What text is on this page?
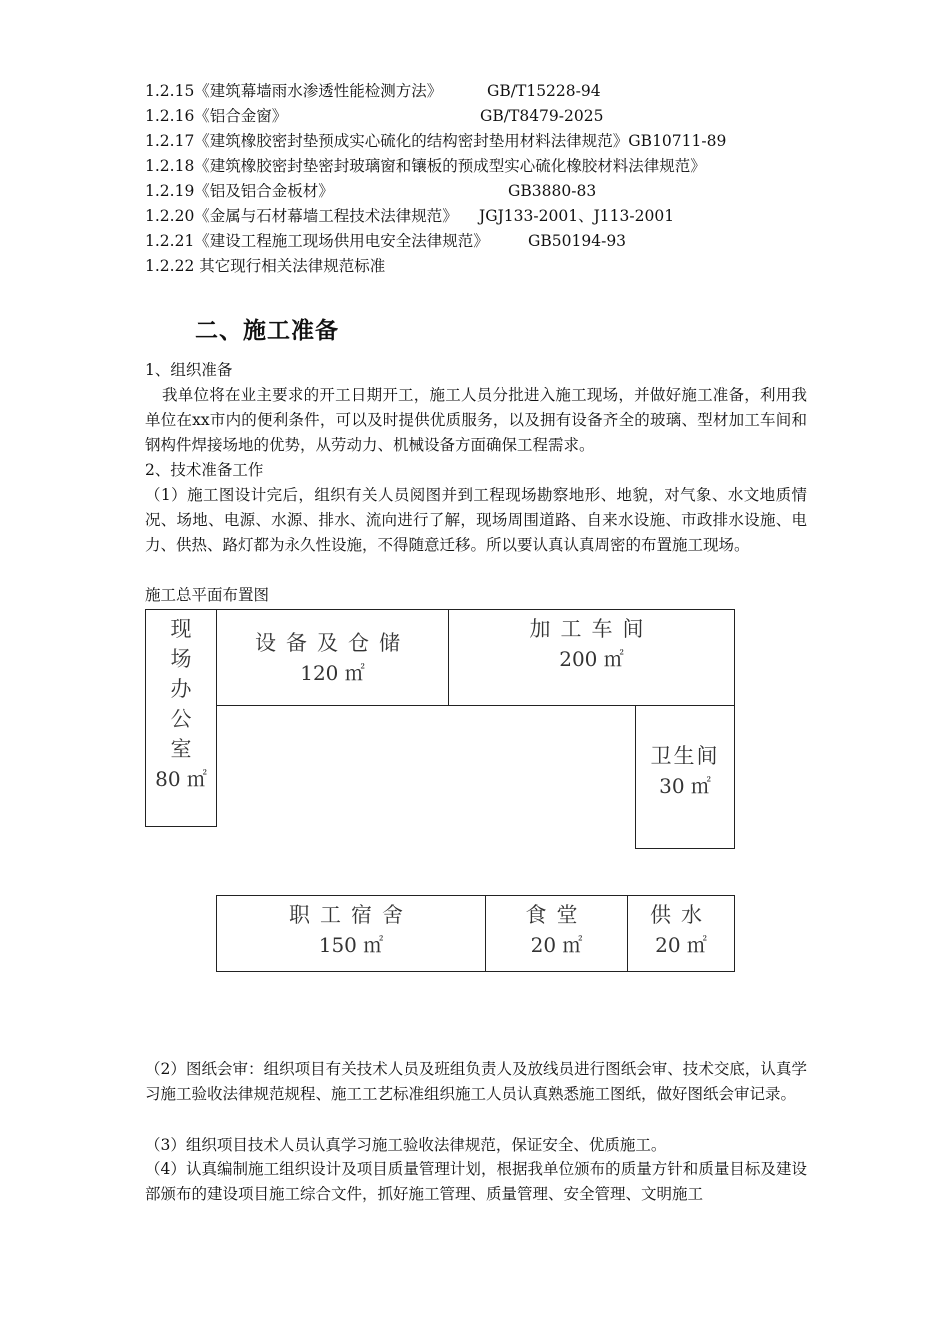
1.2.15《建筑幕墙雨水渗透性能检测方法》	GB/T15228-94
1.2.16《铝合金窗》	GB/T8479-2025
1.2.17《建筑橡胶密封垫预成实心硫化的结构密封垫用材料法律规范》GB10711-89
1.2.18《建筑橡胶密封垫密封玻璃窗和镶板的预成型实心硫化橡胶材料法律规范》
1.2.19《铝及铝合金板材》	GB3880-83
1.2.20《金属与石材幕墙工程技术法律规范》 JGJ133-2001、J113-2001
1.2.21《建设工程施工现场供用电安全法律规范》	GB50194-93
1.2.22 其它现行相关法律规范标准
二、施工准备
1、组织准备
我单位将在业主要求的开工日期开工，施工人员分批进入施工现场，并做好施工准备，利用我单位在xx市内的便利条件，可以及时提供优质服务，以及拥有设备齐全的玻璃、型材加工车间和钢构件焊接场地的优势，从劳动力、机械设备方面确保工程需求。
2、技术准备工作
（1）施工图设计完后，组织有关人员阅图并到工程现场勘察地形、地貌，对气象、水文地质情况、场地、电源、水源、排水、流向进行了解，现场周围道路、自来水设施、市政排水设施、电力、供热、路灯都为永久性设施，不得随意迁移。所以要认真认真周密的布置施工现场。
施工总平面布置图
现
场
办
公
室
80 ㎡
设备及仓储
120 ㎡
加工车间
200 ㎡
卫生间
30 ㎡
职工宿舍
150 ㎡
食堂
20 ㎡
供水
20 ㎡
（2）图纸会审：组织项目有关技术人员及班组负责人及放线员进行图纸会审、技术交底，认真学习施工验收法律规范规程、施工工艺标准组织施工人员认真熟悉施工图纸，做好图纸会审记录。
（3）组织项目技术人员认真学习施工验收法律规范，保证安全、优质施工。
（4）认真编制施工组织设计及项目质量管理计划，根据我单位颁布的质量方针和质量目标及建设部颁布的建设项目施工综合文件，抓好施工管理、质量管理、安全管理、文明施工
